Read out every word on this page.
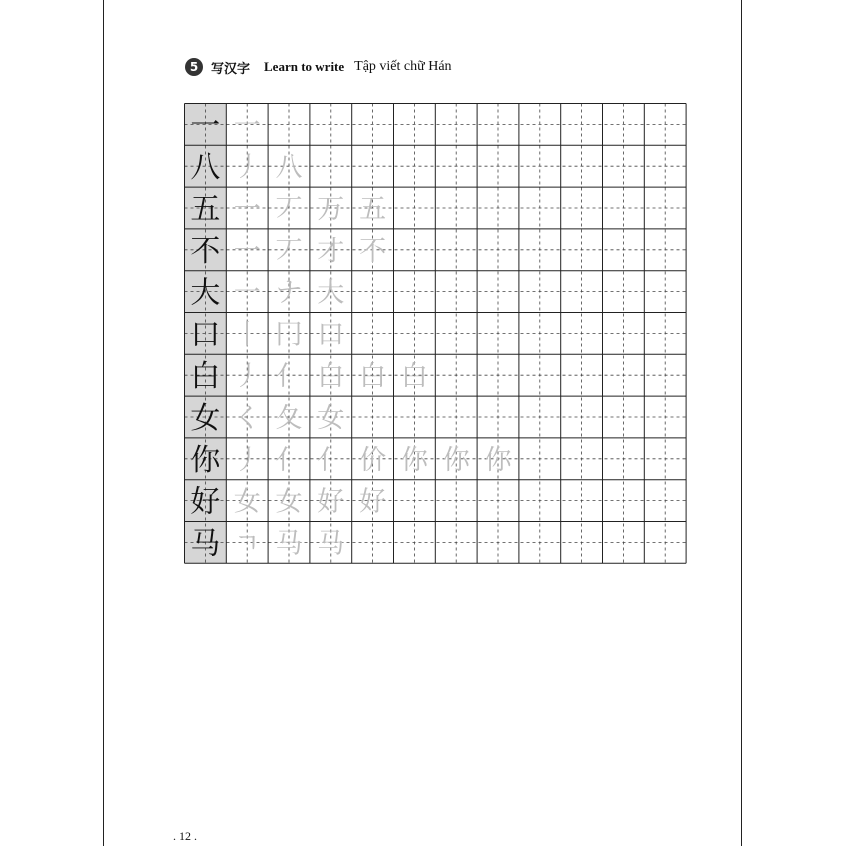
5 写汉字 Learn to write Tập viết chữ Hán
一 一
八 丿 八
五 一 丆 万 五
不 一 丆 才 不
大 一 ナ 大
口 丨 冂 口
白 丿 亻 白 白 白
女 く 夂 女
你 丿 亻 亻 价 你 你 你
好 女 女 好 好
马 ㄱ 马 马
. 12 .
